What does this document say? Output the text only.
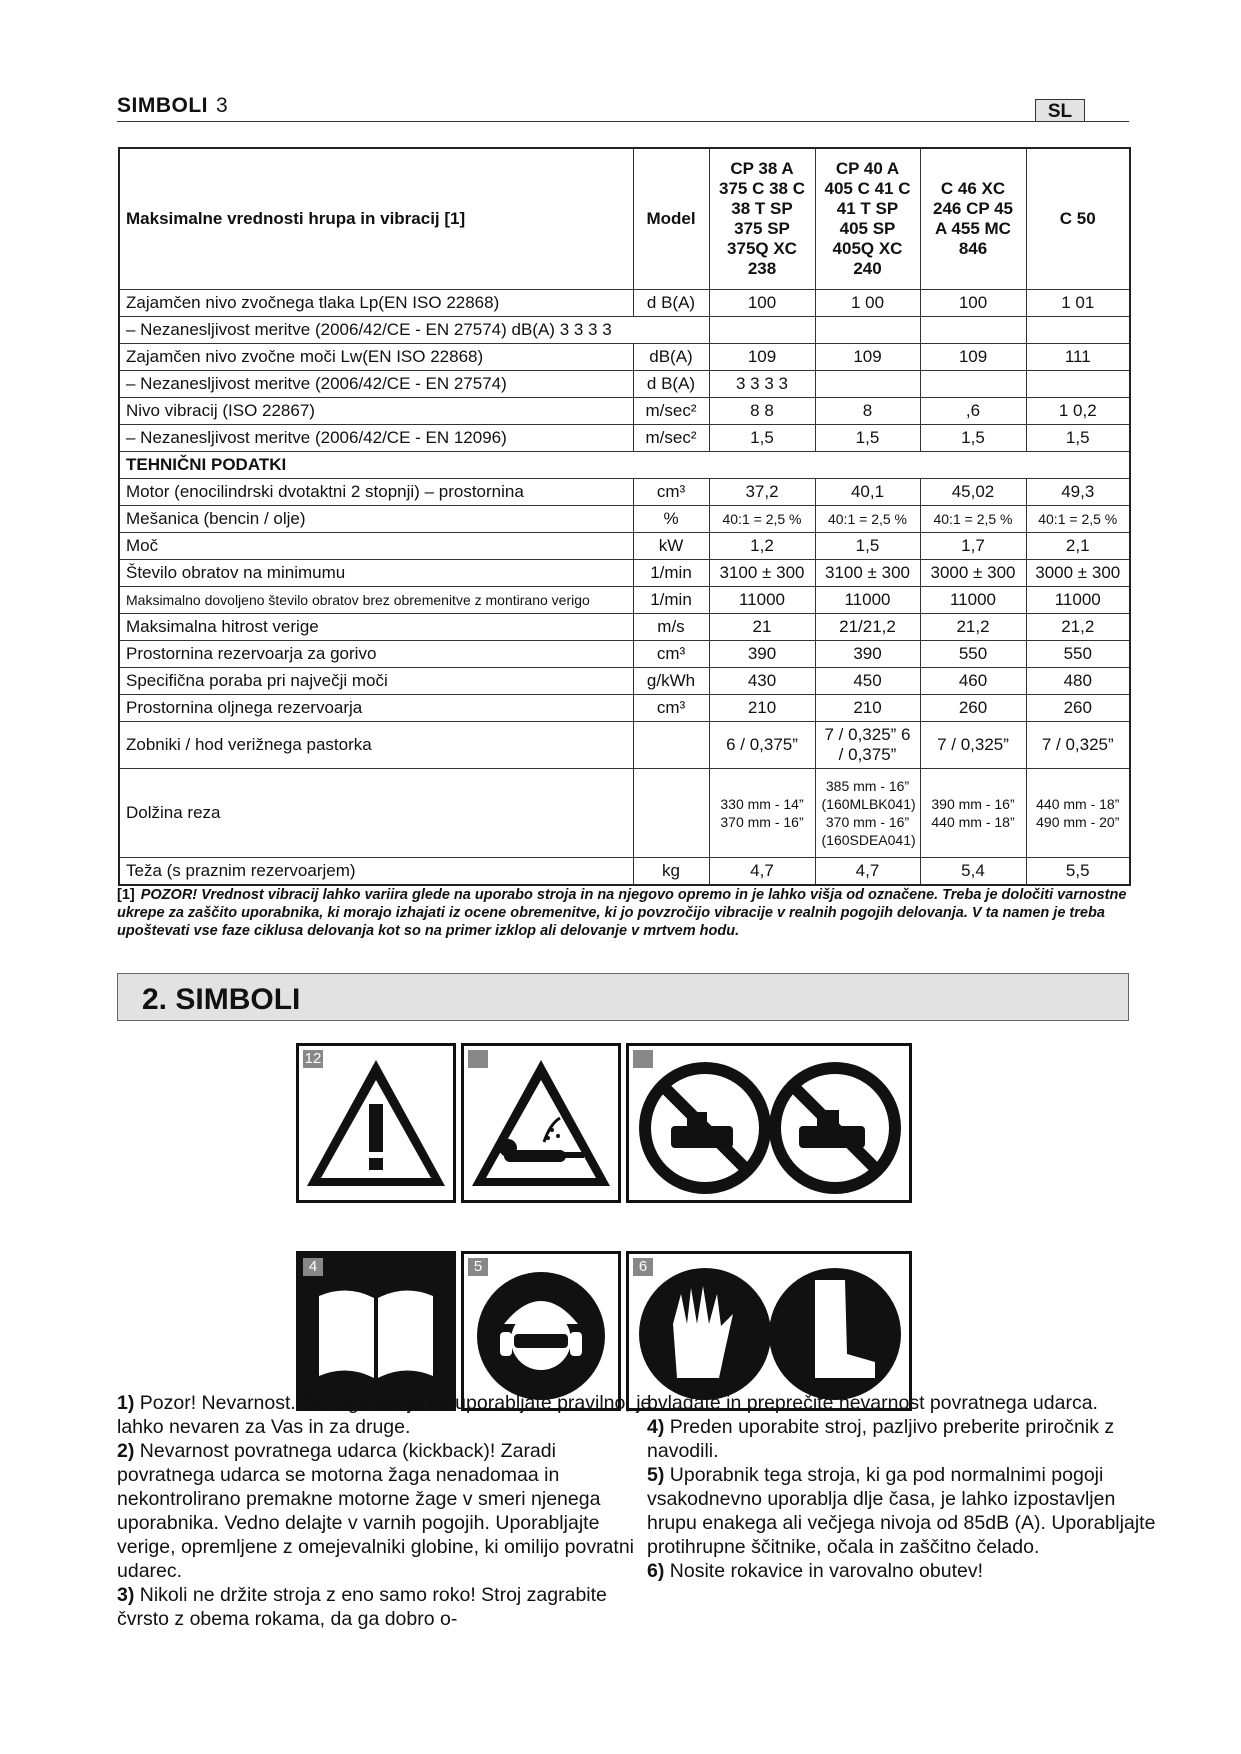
SIMBOLI 3	SL
Maksimalne vrednosti hrupa in vibracij [1]	Model	CP 38 A 375 C 38 C 38 T SP 375 SP 375Q XC 238	CP 40 A 405 C 41 C 41 T SP 405 SP 405Q XC 240	C 46 XC 246 CP 45 A 455 MC 846	C 50
Zajamčen nivo zvočnega tlaka Lp(EN ISO 22868)	d B(A)	100	1 00	100	1 01
– Nezanesljivost meritve (2006/42/CE - EN 27574) dB(A) 3 3 3 3					
Zajamčen nivo zvočne moči Lw(EN ISO 22868)	dB(A)	109	109	109	111
– Nezanesljivost meritve (2006/42/CE - EN 27574)	d B(A)	3 3 3 3			
Nivo vibracij (ISO 22867)	m/sec²	8 8	8	,6	1 0,2
– Nezanesljivost meritve (2006/42/CE - EN 12096)	m/sec²	1,5	1,5	1,5	1,5
TEHNIČNI PODATKI					
Motor (enocilindrski dvotaktni 2 stopnji) – prostornina	cm³	37,2	40,1	45,02	49,3
Mešanica (bencin / olje)	%	40:1 = 2,5 %	40:1 = 2,5 %	40:1 = 2,5 %	40:1 = 2,5 %
Moč	kW	1,2	1,5	1,7	2,1
Število obratov na minimumu	1/min	3100 ± 300	3100 ± 300	3000 ± 300	3000 ± 300
Maksimalno dovoljeno število obratov brez obremenitve z montirano verigo	1/min	11000	11000	11000	11000
Maksimalna hitrost verige	m/s	21	21/21,2	21,2	21,2
Prostornina rezervoarja za gorivo	cm³	390	390	550	550
Specifična poraba pri največji moči	g/kWh	430	450	460	480
Prostornina oljnega rezervoarja	cm³	210	210	260	260
Zobniki / hod verižnega pastorka		6 / 0,375”	7 / 0,325” 6 / 0,375”	7 / 0,325”	7 / 0,325”
Dolžina reza		330 mm - 14” 370 mm - 16”	385 mm - 16” (160MLBK041) 370 mm - 16” (160SDEA041)	390 mm - 16” 440 mm - 18”	440 mm - 18” 490 mm - 20”
Teža (s praznim rezervoarjem)	kg	4,7	4,7	5,4	5,5
[1] POZOR! Vrednost vibracij lahko variira glede na uporabo stroja in na njegovo opremo in je lahko višja od označene. Treba je določiti varnostne ukrepe za zaščito uporabnika, ki morajo izhajati iz ocene obremenitve, ki jo povzročijo vibracije v realnih pogojih delovanja. V ta namen je treba upoštevati vse faze ciklusa delovanja kot so na primer izklop ali delovanje v mrtvem hodu.
2. SIMBOLI
12
4	5	6

1) Pozor! Nevarnost. Če tega stroja ne uporabljate pravilno, je lahko nevaren za Vas in za druge.

2) Nevarnost povratnega udarca (kickback)! Zaradi povratnega udarca se motorna žaga nenadomaa in nekontrolirano premakne motorne žage v smeri njenega uporabnika. Vedno delajte v varnih pogojih. Uporabljajte verige, opremljene z omejevalniki globine, ki omilijo povratni udarec.

3) Nikoli ne držite stroja z eno samo roko! Stroj zagrabite čvrsto z obema rokama, da ga dobro o-

bvladate in preprečite nevarnost povratnega udarca.

4) Preden uporabite stroj, pazljivo preberite priročnik z navodili.

5) Uporabnik tega stroja, ki ga pod normalnimi pogoji vsakodnevno uporablja dlje časa, je lahko izpostavljen hrupu enakega ali večjega nivoja od 85dB (A). Uporabljajte protihrupne ščitnike, očala in zaščitno čelado.

6) Nosite rokavice in varovalno obutev!
